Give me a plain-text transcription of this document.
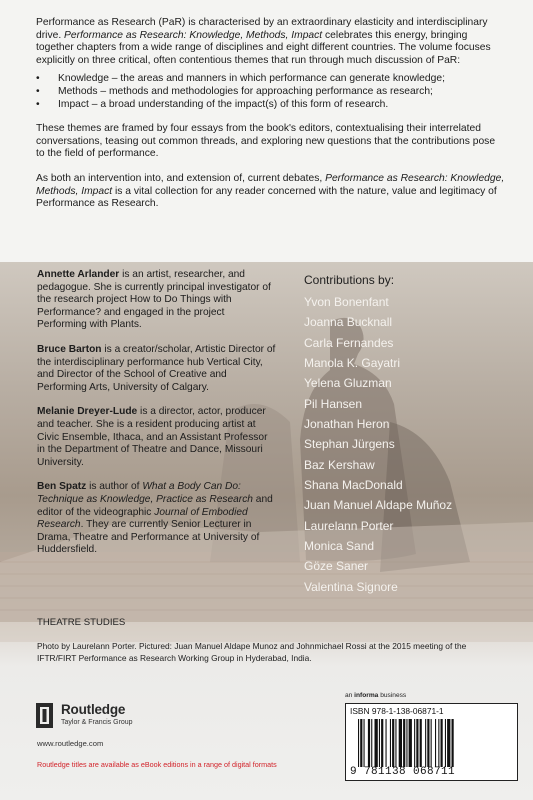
Performance as Research (PaR) is characterised by an extraordinary elasticity and interdisciplinary drive. Performance as Research: Knowledge, Methods, Impact celebrates this energy, bringing together chapters from a wide range of disciplines and eight different countries. The volume focuses explicitly on three critical, often contentious themes that run through much discussion of PaR:

• Knowledge – the areas and manners in which performance can generate knowledge;
• Methods – methods and methodologies for approaching performance as research;
• Impact – a broad understanding of the impact(s) of this form of research.

These themes are framed by four essays from the book's editors, contextualising their interrelated conversations, teasing out common threads, and exploring new questions that the contributions pose to the field of performance.

As both an intervention into, and extension of, current debates, Performance as Research: Knowledge, Methods, Impact is a vital collection for any reader concerned with the nature, value and legitimacy of Performance as Research.

Annette Arlander is an artist, researcher, and pedagogue. She is currently principal investigator of the research project How to Do Things with Performance? and engaged in the project Performing with Plants.

Bruce Barton is a creator/scholar, Artistic Director of the interdisciplinary performance hub Vertical City, and Director of the School of Creative and Performing Arts, University of Calgary.

Melanie Dreyer-Lude is a director, actor, producer and teacher. She is a resident producing artist at Civic Ensemble, Ithaca, and an Assistant Professor in the Department of Theatre and Dance, Missouri University.

Ben Spatz is author of What a Body Can Do: Technique as Knowledge, Practice as Research and editor of the videographic Journal of Embodied Research. They are currently Senior Lecturer in Drama, Theatre and Performance at University of Huddersfield.

Contributions by:
Yvon Bonenfant
Joanna Bucknall
Carla Fernandes
Manola K. Gayatri
Yelena Gluzman
Pil Hansen
Jonathan Heron
Stephan Jürgens
Baz Kershaw
Shana MacDonald
Juan Manuel Aldape Muñoz
Laurelann Porter
Monica Sand
Göze Saner
Valentina Signore
THEATRE STUDIES
Photo by Laurelann Porter. Pictured: Juan Manuel Aldape Munoz and Johnmichael Rossi at the 2015 meeting of the IFTR/FIRT Performance as Research Working Group in Hyderabad, India.
Routledge
Taylor & Francis Group
www.routledge.com
Routledge titles are available as eBook editions in a range of digital formats
an informa business
ISBN 978-1-138-06871-1
9 781138 068711
